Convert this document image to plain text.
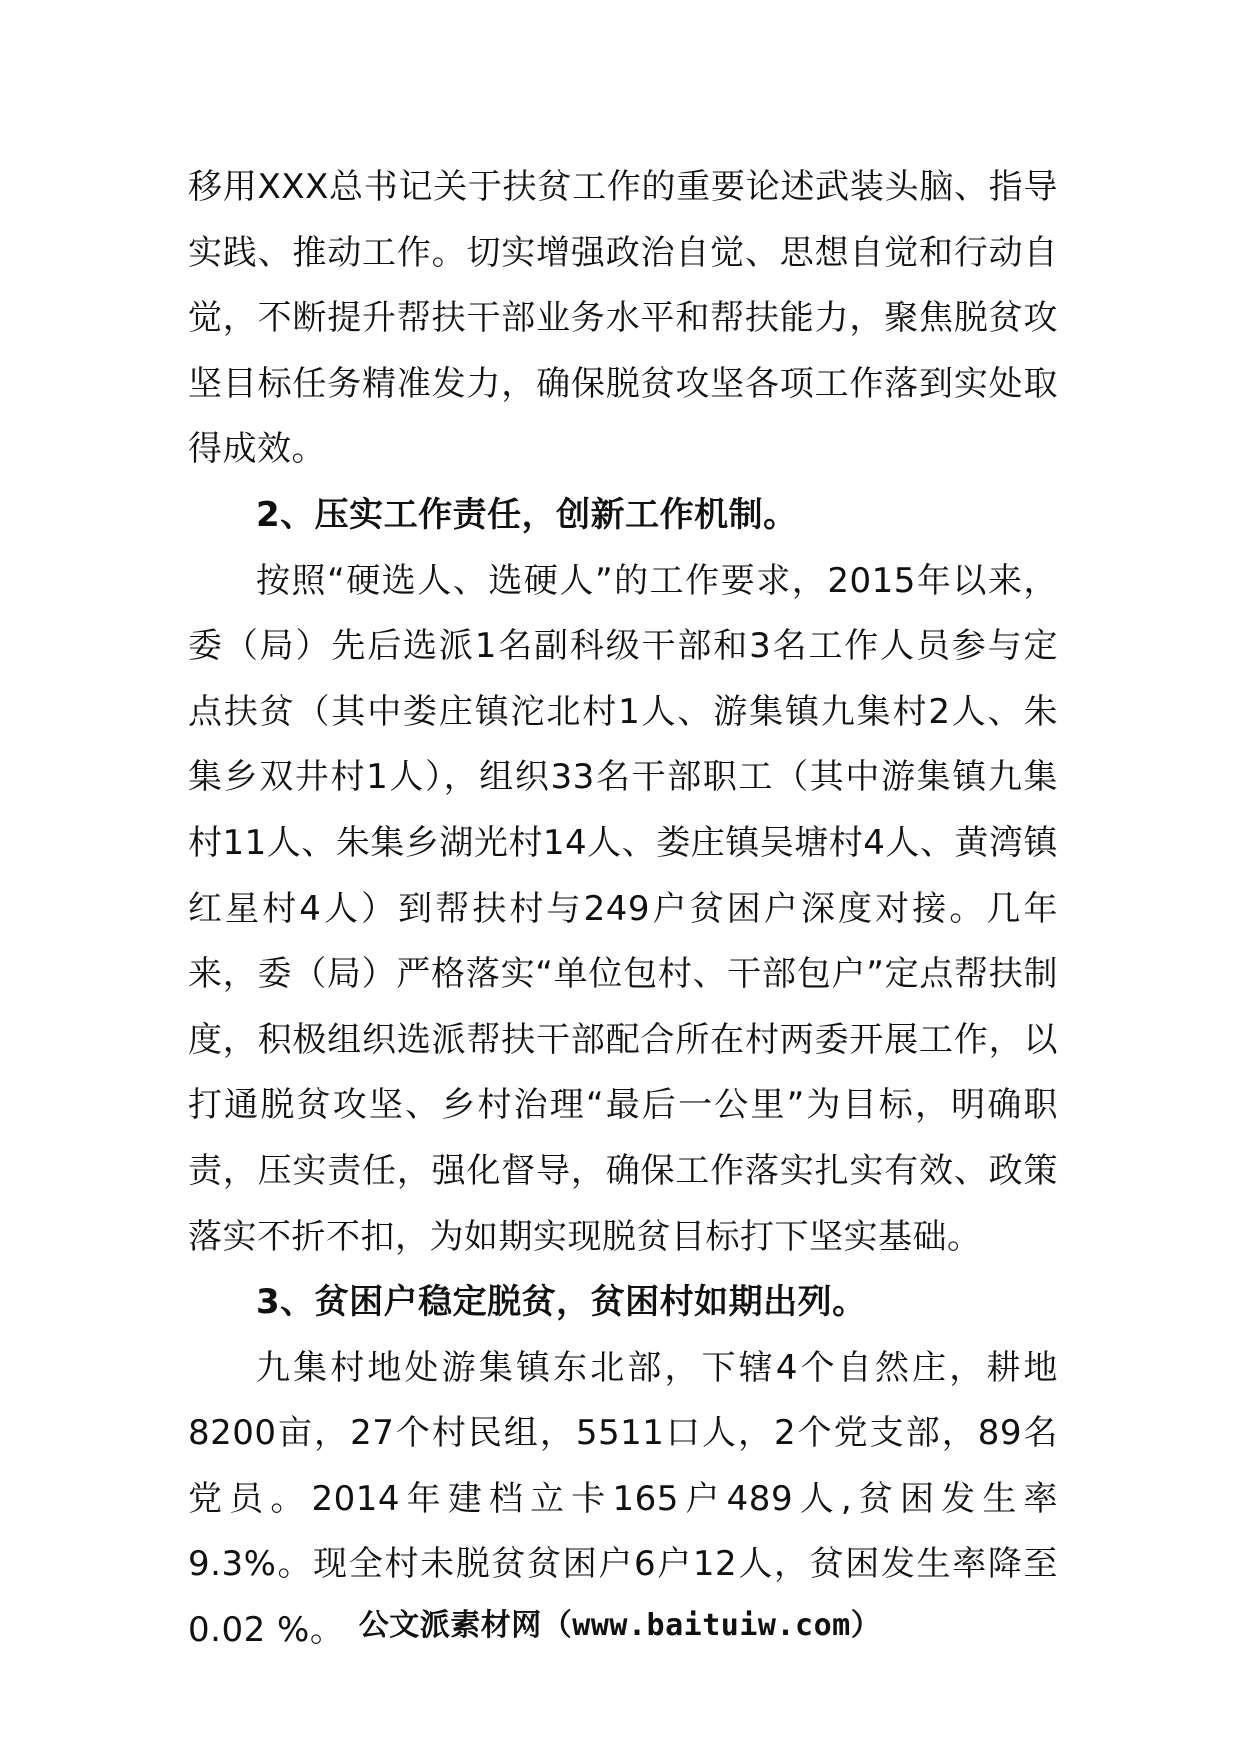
移用XXX总书记关于扶贫工作的重要论述武装头脑、指导实践、推动工作。切实增强政治自觉、思想自觉和行动自觉，不断提升帮扶干部业务水平和帮扶能力，聚焦脱贫攻坚目标任务精准发力，确保脱贫攻坚各项工作落到实处取得成效。

2、压实工作责任，创新工作机制。

按照“硬选人、选硬人”的工作要求，2015年以来，委（局）先后选派1名副科级干部和3名工作人员参与定点扶贫（其中娄庄镇沱北村1人、游集镇九集村2人、朱集乡双井村1人），组织33名干部职工（其中游集镇九集村11人、朱集乡湖光村14人、娄庄镇吴塘村4人、黄湾镇红星村4人）到帮扶村与249户贫困户深度对接。几年来，委（局）严格落实“单位包村、干部包户”定点帮扶制度，积极组织选派帮扶干部配合所在村两委开展工作，以打通脱贫攻坚、乡村治理“最后一公里”为目标，明确职责，压实责任，强化督导，确保工作落实扎实有效、政策落实不折不扣，为如期实现脱贫目标打下坚实基础。

3、贫困户稳定脱贫，贫困村如期出列。

九集村地处游集镇东北部，下辖4个自然庄，耕地8200亩，27个村民组，5511口人，2个党支部，89名党员。2014年建档立卡165户489人,贫困发生率9.3%。现全村未脱贫贫困户6户12人，贫困发生率降至0.02 %。 公文派素材网（www.baituiw.com）
